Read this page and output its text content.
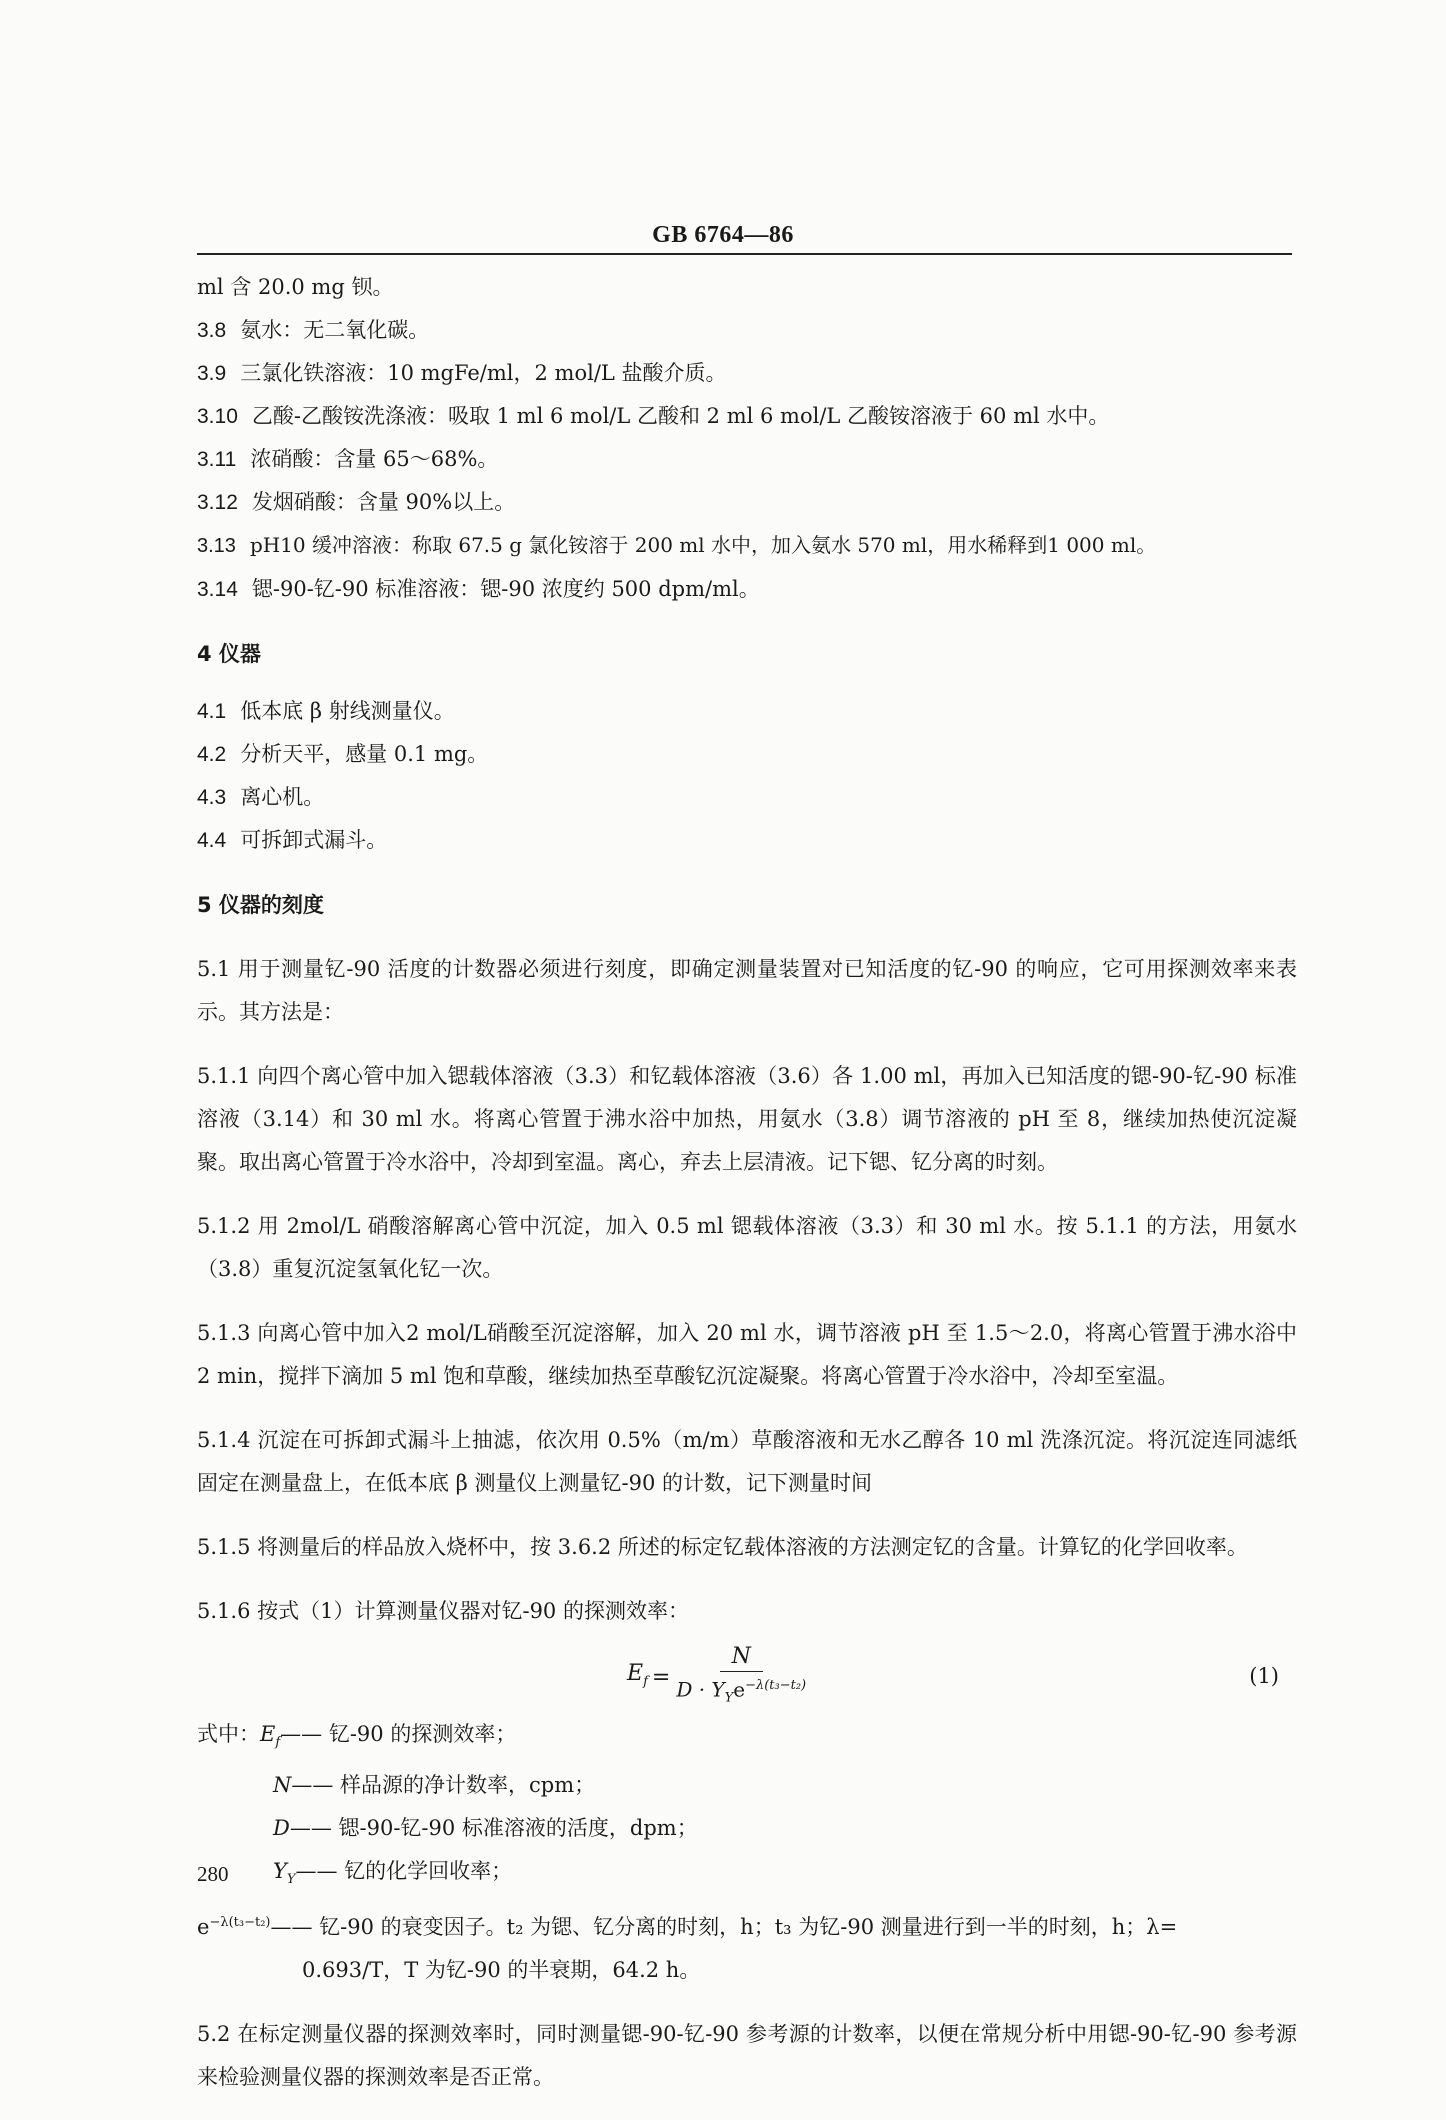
GB 6764—86

ml 含 20.0 mg 钡。

3.8 氨水：无二氧化碳。

3.9 三氯化铁溶液：10 mgFe/ml，2 mol/L 盐酸介质。

3.10 乙酸-乙酸铵洗涤液：吸取 1 ml 6 mol/L 乙酸和 2 ml 6 mol/L 乙酸铵溶液于 60 ml 水中。

3.11 浓硝酸：含量 65～68%。

3.12 发烟硝酸：含量 90%以上。

3.13 pH10 缓冲溶液：称取 67.5 g 氯化铵溶于 200 ml 水中，加入氨水 570 ml，用水稀释到1 000 ml。

3.14 锶-90-钇-90 标准溶液：锶-90 浓度约 500 dpm/ml。

4 仪器

4.1 低本底 β 射线测量仪。

4.2 分析天平，感量 0.1 mg。

4.3 离心机。

4.4 可拆卸式漏斗。

5 仪器的刻度

5.1 用于测量钇-90 活度的计数器必须进行刻度，即确定测量装置对已知活度的钇-90 的响应，它可用探测效率来表示。其方法是：

5.1.1 向四个离心管中加入锶载体溶液（3.3）和钇载体溶液（3.6）各 1.00 ml，再加入已知活度的锶-90-钇-90 标准溶液（3.14）和 30 ml 水。将离心管置于沸水浴中加热，用氨水（3.8）调节溶液的 pH 至 8，继续加热使沉淀凝聚。取出离心管置于冷水浴中，冷却到室温。离心，弃去上层清液。记下锶、钇分离的时刻。

5.1.2 用 2mol/L 硝酸溶解离心管中沉淀，加入 0.5 ml 锶载体溶液（3.3）和 30 ml 水。按 5.1.1 的方法，用氨水（3.8）重复沉淀氢氧化钇一次。

5.1.3 向离心管中加入2 mol/L硝酸至沉淀溶解，加入 20 ml 水，调节溶液 pH 至 1.5～2.0，将离心管置于沸水浴中 2 min，搅拌下滴加 5 ml 饱和草酸，继续加热至草酸钇沉淀凝聚。将离心管置于冷水浴中，冷却至室温。

5.1.4 沉淀在可拆卸式漏斗上抽滤，依次用 0.5%（m/m）草酸溶液和无水乙醇各 10 ml 洗涤沉淀。将沉淀连同滤纸固定在测量盘上，在低本底 β 测量仪上测量钇-90 的计数，记下测量时间

5.1.5 将测量后的样品放入烧杯中，按 3.6.2 所述的标定钇载体溶液的方法测定钇的含量。计算钇的化学回收率。

5.1.6 按式（1）计算测量仪器对钇-90 的探测效率：

$E_f = \frac{N}{D \cdot Y_Ye^{-\lambda(t_3-t_2)}}$	(1)

式中：$E_f——$ 钇-90 的探测效率；

N—— 样品源的净计数率，cpm；

D—— 锶-90-钇-90 标准溶液的活度，dpm；

$Y_Y——$ 钇的化学回收率；

$e^{-\lambda(t_3-t_2)}——$ 钇-90 的衰变因子。t₂ 为锶、钇分离的时刻，h；t₃ 为钇-90 测量进行到一半的时刻，h；λ=

0.693/T，T 为钇-90 的半衰期，64.2 h。

5.2 在标定测量仪器的探测效率时，同时测量锶-90-钇-90 参考源的计数率，以便在常规分析中用锶-90-钇-90 参考源来检验测量仪器的探测效率是否正常。

280
